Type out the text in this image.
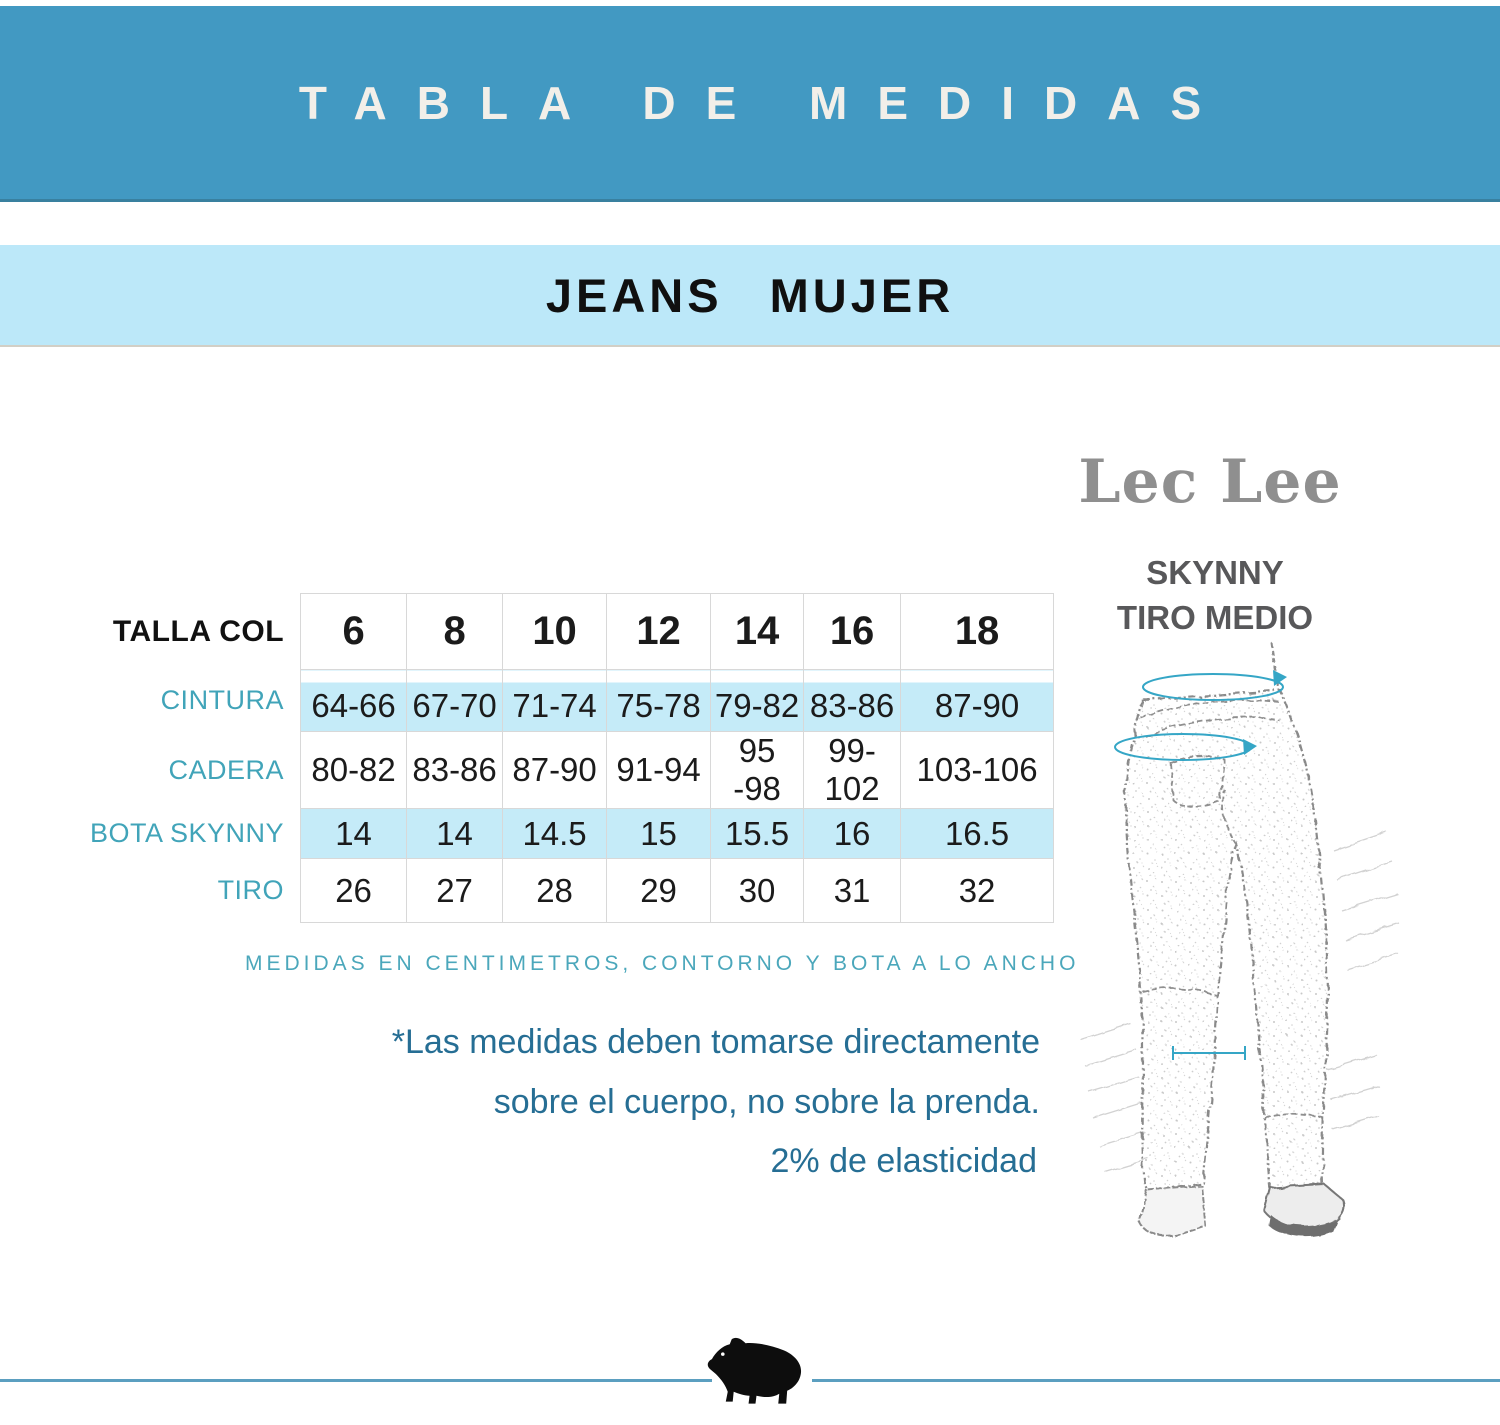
TABLA DE MEDIDAS
JEANS MUJER
TALLA COL	6	8	10	12	14	16	18
CINTURA	64-66	67-70	71-74	75-78	79-82	83-86	87-90
CADERA	80-82	83-86	87-90	91-94	95 -98	99-102	103-106
BOTA SKYNNY	14	14	14.5	15	15.5	16	16.5
TIRO	26	27	28	29	30	31	32
MEDIDAS EN CENTIMETROS, CONTORNO Y BOTA A LO ANCHO
*Las medidas deben tomarse directamente
sobre el cuerpo, no sobre la prenda.
2% de elasticidad
Lec Lee
SKYNNY
TIRO MEDIO
